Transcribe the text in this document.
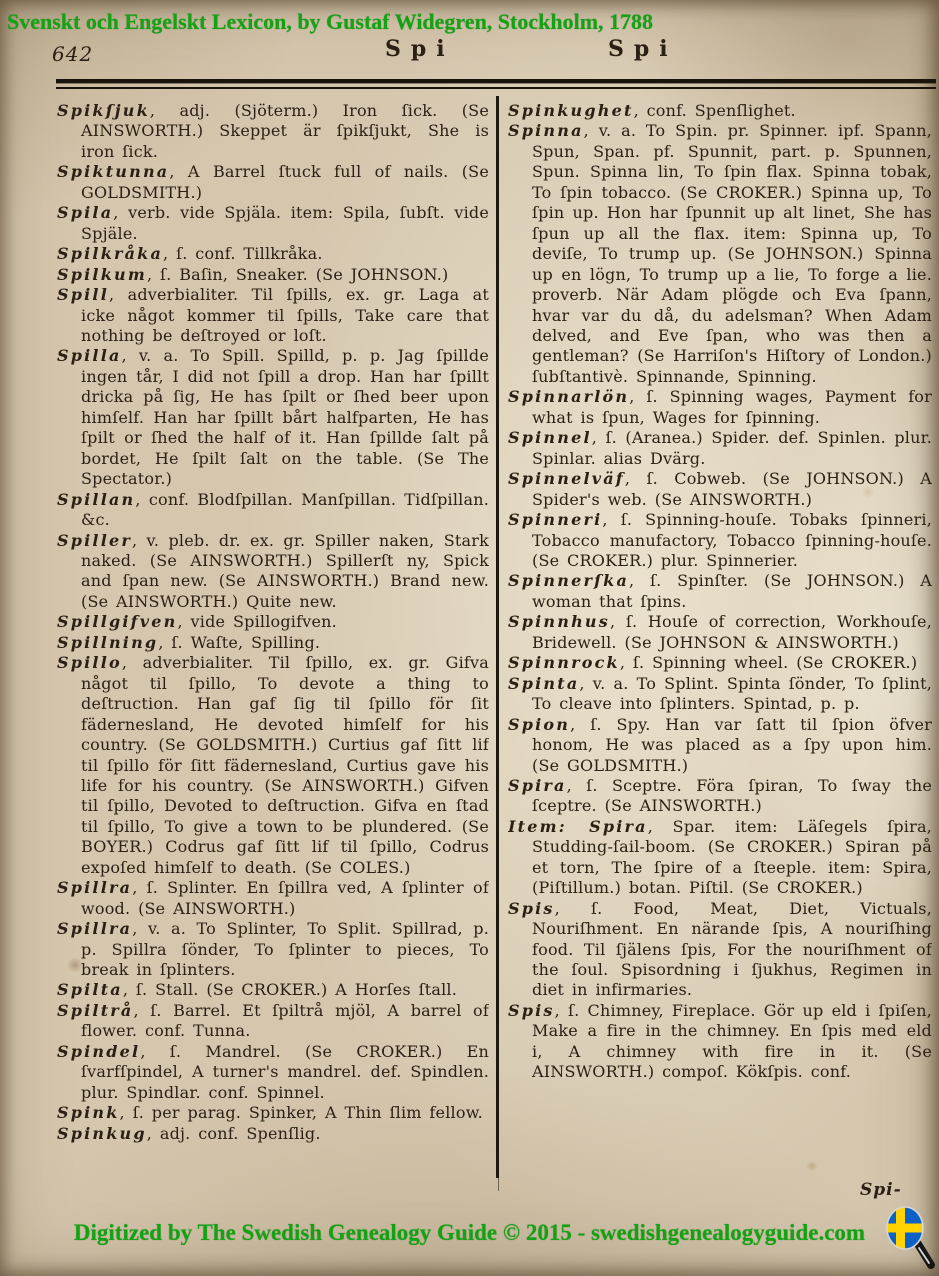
Svenskt och Engelskt Lexicon, by Gustaf Widegren, Stockholm, 1788
642	Spi	Spi

Spikſjuk, adj. (Sjöterm.) Iron ſick. (Se AINSWORTH.) Skeppet är ſpikſjukt, She is iron ſick.

Spiktunna, A Barrel ſtuck full of nails. (Se GOLDSMITH.)

Spila, verb. vide Spjäla. item: Spila, ſubſt. vide Spjäle.

Spilkråka, ſ. conf. Tillkråka.

Spilkum, ſ. Baſin, Sneaker. (Se JOHNSON.)

Spill, adverbialiter. Til ſpills, ex. gr. Laga at icke något kommer til ſpills, Take care that nothing be deſtroyed or loſt.

Spilla, v. a. To Spill. Spilld, p. p. Jag ſpillde ingen tår, I did not ſpill a drop. Han har ſpillt dricka på ſig, He has ſpilt or ſhed beer upon himſelf. Han har ſpillt bårt halfparten, He has ſpilt or ſhed the half of it. Han ſpillde ſalt på bordet, He ſpilt ſalt on the table. (Se The Spectator.)

Spillan, conf. Blodſpillan. Manſpillan. Tidſpillan. &c.

Spiller, v. pleb. dr. ex. gr. Spiller naken, Stark naked. (Se AINSWORTH.) Spillerſt ny, Spick and ſpan new. (Se AINSWORTH.) Brand new. (Se AINSWORTH.) Quite new.

Spillgifven, vide Spillogifven.

Spillning, ſ. Waſte, Spilling.

Spillo, adverbialiter. Til ſpillo, ex. gr. Gifva något til ſpillo, To devote a thing to deſtruction. Han gaf ſig til ſpillo för ſit fädernesland, He devoted himſelf for his country. (Se GOLDSMITH.) Curtius gaf ſitt lif til ſpillo för ſitt fädernesland, Curtius gave his life for his country. (Se AINSWORTH.) Gifven til ſpillo, Devoted to deſtruction. Gifva en ſtad til ſpillo, To give a town to be plundered. (Se BOYER.) Codrus gaf ſitt lif til ſpillo, Codrus expoſed himſelf to death. (Se COLES.)

Spillra, ſ. Splinter. En ſpillra ved, A ſplinter of wood. (Se AINSWORTH.)

Spillra, v. a. To Splinter, To Split. Spillrad, p. p. Spillra ſönder, To ſplinter to pieces, To break in ſplinters.

Spilta, ſ. Stall. (Se CROKER.) A Horſes ſtall.

Spiltrå, ſ. Barrel. Et ſpiltrå mjöl, A barrel of flower. conf. Tunna.

Spindel, ſ. Mandrel. (Se CROKER.) En ſvarfſpindel, A turner's mandrel. def. Spindlen. plur. Spindlar. conf. Spinnel.

Spink, ſ. per parag. Spinker, A Thin ſlim fellow.

Spinkug, adj. conf. Spenſlig.

Spinkughet, conf. Spenſlighet.

Spinna, v. a. To Spin. pr. Spinner. ipf. Spann, Spun, Span. pf. Spunnit, part. p. Spunnen, Spun. Spinna lin, To ſpin flax. Spinna tobak, To ſpin tobacco. (Se CROKER.) Spinna up, To ſpin up. Hon har ſpunnit up alt linet, She has ſpun up all the flax. item: Spinna up, To deviſe, To trump up. (Se JOHNSON.) Spinna up en lögn, To trump up a lie, To forge a lie. proverb. När Adam plögde och Eva ſpann, hvar var du då, du adelsman? When Adam delved, and Eve ſpan, who was then a gentleman? (Se Harriſon's Hiſtory of London.) ſubſtantivè. Spinnande, Spinning.

Spinnarlön, ſ. Spinning wages, Payment for what is ſpun, Wages for ſpinning.

Spinnel, ſ. (Aranea.) Spider. def. Spinlen. plur. Spinlar. alias Dvärg.

Spinnelväf, ſ. Cobweb. (Se JOHNSON.) A Spider's web. (Se AINSWORTH.)

Spinneri, ſ. Spinning-houſe. Tobaks ſpinneri, Tobacco manufactory, Tobacco ſpinning-houſe. (Se CROKER.) plur. Spinnerier.

Spinnerſka, ſ. Spinſter. (Se JOHNSON.) A woman that ſpins.

Spinnhus, ſ. Houſe of correction, Workhouſe, Bridewell. (Se JOHNSON & AINSWORTH.)

Spinnrock, ſ. Spinning wheel. (Se CROKER.)

Spinta, v. a. To Splint. Spinta ſönder, To ſplint, To cleave into ſplinters. Spintad, p. p.

Spion, ſ. Spy. Han var ſatt til ſpion öfver honom, He was placed as a ſpy upon him. (Se GOLDSMITH.)

Spira, ſ. Sceptre. Föra ſpiran, To ſway the ſceptre. (Se AINSWORTH.)

Item: Spira, Spar. item: Läſegels ſpira, Studding-ſail-boom. (Se CROKER.) Spiran på et torn, The ſpire of a ſteeple. item: Spira, (Piſtillum.) botan. Piſtil. (Se CROKER.)

Spis, ſ. Food, Meat, Diet, Victuals, Nouriſhment. En närande ſpis, A nouriſhing food. Til ſjälens ſpis, For the nouriſhment of the ſoul. Spisordning i ſjukhus, Regimen in diet in infirmaries.

Spis, ſ. Chimney, Fireplace. Gör up eld i ſpiſen, Make a fire in the chimney. En ſpis med eld i, A chimney with fire in it. (Se AINSWORTH.) compoſ. Kökſpis. conf.

Spi-
Digitized by The Swedish Genealogy Guide © 2015 - swedishgenealogyguide.com
